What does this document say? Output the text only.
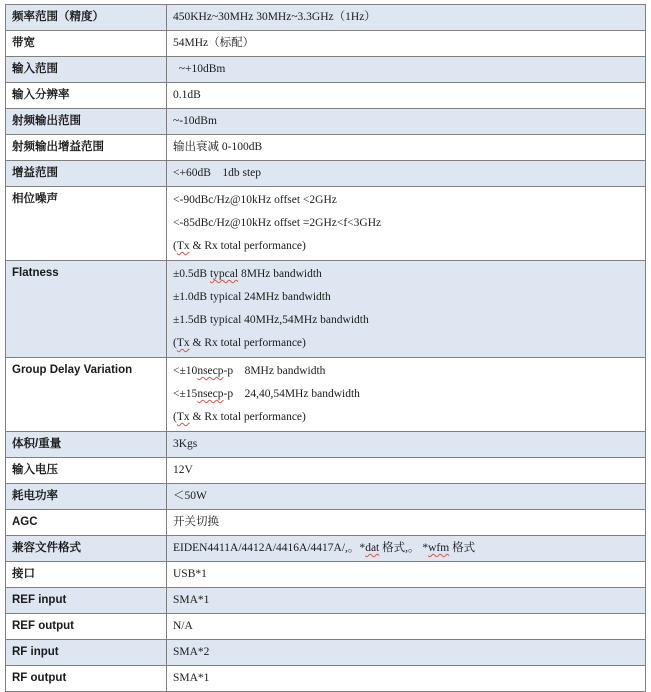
频率范围（精度）	450KHz~30MHz 30MHz~3.3GHz（1Hz）

带宽	54MHz（标配）

输入范围	~+10dBm

输入分辨率	0.1dB

射频输出范围	~-10dBm

射频输出增益范围	输出衰减 0-100dB

增益范围	<+60dB    1db step

相位噪声	<-90dBc/Hz@10kHz offset <2GHz
<-85dBc/Hz@10kHz offset =2GHz<f<3GHz
(Tx & Rx total performance)

Flatness	±0.5dB typcal 8MHz bandwidth
±1.0dB typical 24MHz bandwidth
±1.5dB typical 40MHz,54MHz bandwidth
(Tx & Rx total performance)

Group Delay Variation	<±10nsecp-p    8MHz bandwidth
<±15nsecp-p    24,40,54MHz bandwidth
(Tx & Rx total performance)

体积/重量	3Kgs

输入电压	12V

耗电功率	＜50W

AGC	开关切换

兼容文件格式	EIDEN4411A/4412A/4416A/4417A/,。*dat 格式,。 *wfm 格式

接口	USB*1

REF input	SMA*1

REF output	N/A

RF input	SMA*2

RF output	SMA*1
